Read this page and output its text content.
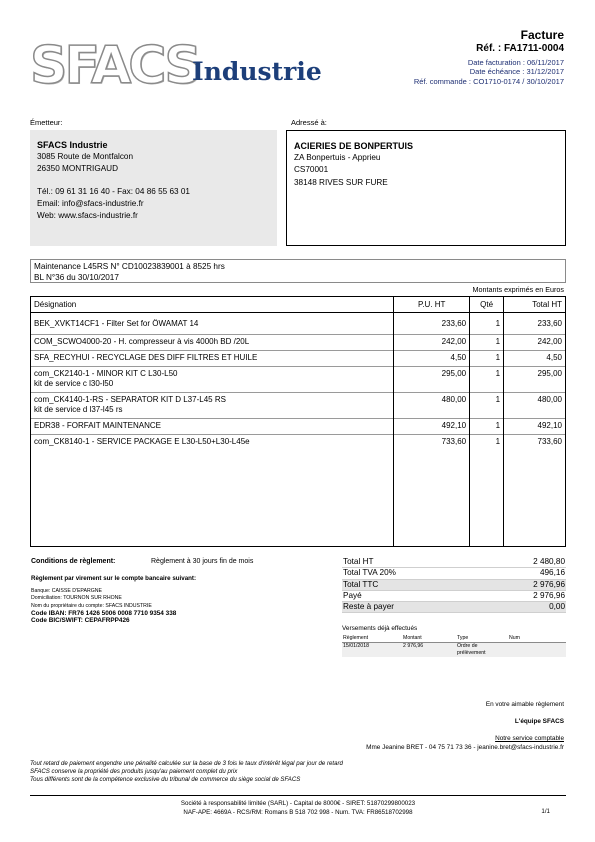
SFACS
Industrie
Facture
Réf. : FA1711-0004
Date facturation : 06/11/2017
Date échéance : 31/12/2017
Réf. commande : CO1710-0174 / 30/10/2017
Émetteur:	Adressé à:
SFACS Industrie
3085 Route de Montfalcon
26350 MONTRIGAUD
Tél.: 09 61 31 16 40 - Fax: 04 86 55 63 01
Email: info@sfacs-industrie.fr
Web: www.sfacs-industrie.fr
ACIERIES DE BONPERTUIS
ZA Bonpertuis - Apprieu
CS70001
38148 RIVES SUR FURE
Maintenance L45RS N° CD10023839001 à 8525 hrs
BL N°36 du 30/10/2017
Montants exprimés en Euros
Désignation	P.U. HT	Qté	Total HT
BEK_XVKT14CF1 - Filter Set for ÖWAMAT 14	233,60	1	233,60
COM_SCWO4000-20 - H. compresseur à vis 4000h BD /20L	242,00	1	242,00
SFA_RECYHUI - RECYCLAGE DES DIFF FILTRES ET HUILE	4,50	1	4,50

com_CK2140-1 - MINOR KIT C L30-L50
kit de service c l30-l50	295,00	1	295,00

com_CK4140-1-RS - SEPARATOR KIT D L37-L45 RS
kit de service d l37-l45 rs	480,00	1	480,00
EDR38 - FORFAIT MAINTENANCE	492,10	1	492,10
com_CK8140-1 - SERVICE PACKAGE E L30-L50+L30-L45e	733,60	1	733,60
Conditions de règlement:	Règlement à 30 jours fin de mois
Règlement par virement sur le compte bancaire suivant:
Banque: CAISSE D'EPARGNE
Domiciliation: TOURNON SUR RHONE
Nom du propriétaire du compte: SFACS INDUSTRIE
Code IBAN: FR76 1426 5006 0008 7710 9354 338
Code BIC/SWIFT: CEPAFRPP426
Total HT	2 480,80
Total TVA 20%	496,16
Total TTC	2 976,96
Payé	2 976,96
Reste à payer	0,00
Versements déjà effectués
Règlement	Montant	Type	Num
15/01/2018	2 976,96	Ordre de prélèvement	
En votre aimable règlement
L'équipe SFACS
Notre service comptable
Mme Jeanine BRET - 04 75 71 73 36 - jeanine.bret@sfacs-industrie.fr
Tout retard de paiement engendre une pénalité calculée sur la base de 3 fois le taux d'intérêt légal par jour de retard
SFACS conserve la propriété des produits jusqu'au paiement complet du prix
Tous différents sont de la compétence exclusive du tribunal de commerce du siège social de SFACS
Société à responsabilité limitée (SARL) - Capital de 8000€ - SIRET: 51870299800023
NAF-APE: 4669A - RCS/RM: Romans B 518 702 998 - Num. TVA: FR86518702998	1/1
